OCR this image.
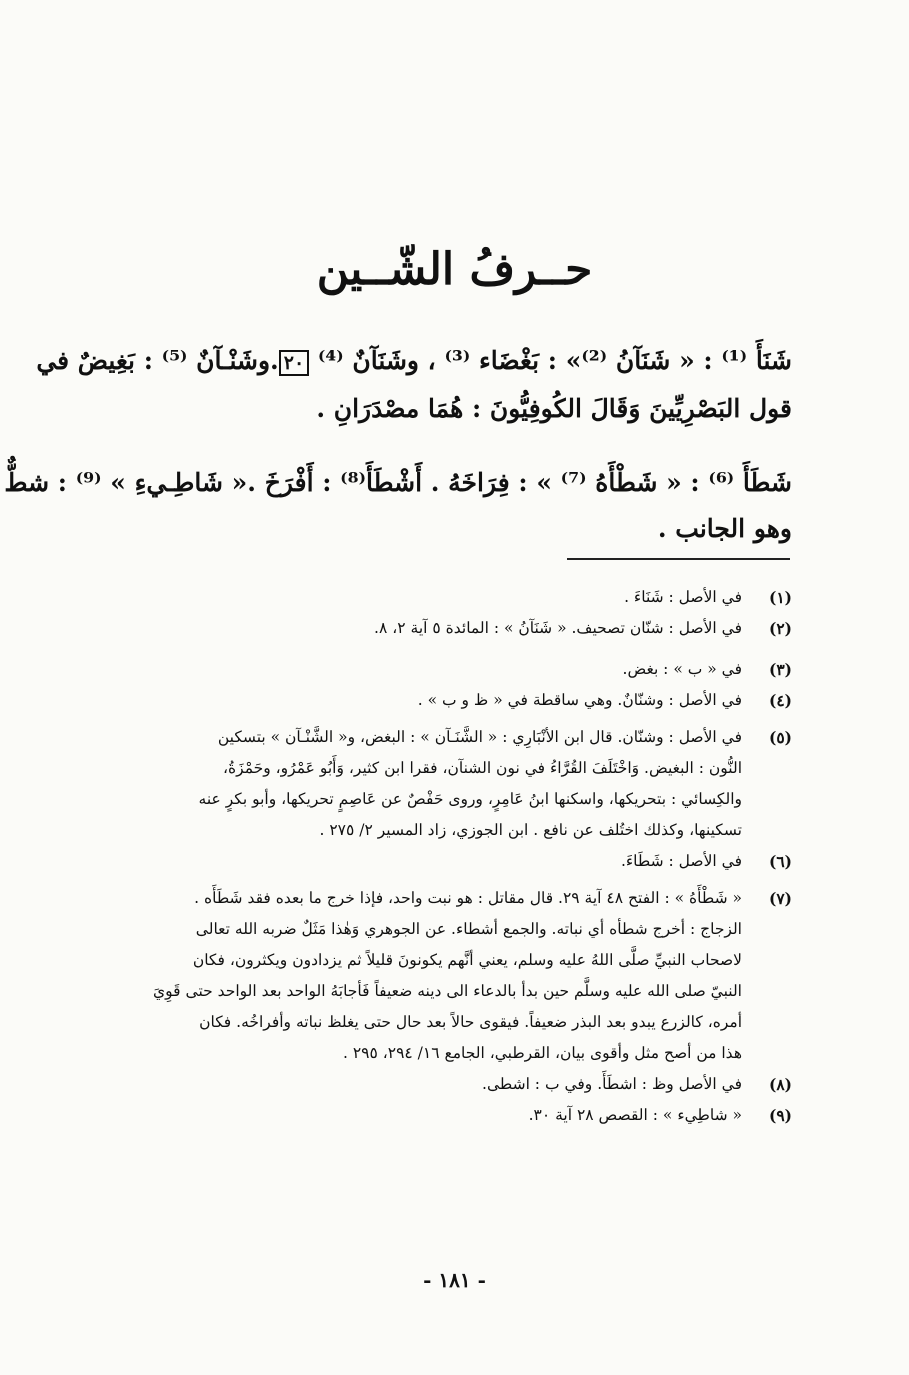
حــرفُ الشّــين
شَنَأَ ⁽¹⁾ : « شَنَآنُ ⁽²⁾» : بَغْضَاء ⁽³⁾ ، وشَنَآنٌ ⁽⁴⁾ ٢٠.وشَنْـآنٌ ⁽⁵⁾ : بَغِيضٌ في
قول البَصْرِيِّينَ وَقَالَ الكُوفِيُّونَ : هُمَا مصْدَرَانِ .
شَطَأَ ⁽⁶⁾ : « شَطْأَهُ ⁽⁷⁾ » : فِرَاخَهُ . أَشْطَأَ⁽⁸⁾ : أَفْرَخَ .« شَاطِـيءِ » ⁽⁹⁾ : شطٌّ
وهو الجانب .
(١)
في الأصل : شَنَاءَ .
(٢)
في الأصل : شنّان تصحيف. « شَنَآنُ » : المائدة ٥ آية ٢، ٨.
(٣)
في « ب » : بغض.
(٤)
في الأصل : وشنّانٌ. وهي ساقطة في « ظ و ب » .
(٥)
في الأصل : وشنّان. قال ابن الأنْبَارِي : « الشَّنَـآن » : البغض، و« الشَّنْـآن » بتسكين
النُّون : البغيض. وَاخْتَلَفَ القُرَّاءُ في نون الشنآن، فقرا ابن كثير، وَأَبُو عَمْرُو، وحَمْزَةُ،
والكِسائي : بتحريكها، واسكنها ابنُ عَامِرٍ، وروى حَفْصٌ عن عَاصِمٍ تحريكها، وأبو بكرٍ عنه
تسكينها، وكذلك اختُلف عن نافع . ابن الجوزي، زاد المسير ٢/ ٢٧٥ .
(٦)
في الأصل : شَطَاءَ.
(٧)
« شَطْأَهُ » : الفتح ٤٨ آية ٢٩. قال مقاتل : هو نبت واحد، فإذا خرج ما بعده فقد شَطَأَه .
الزجاج : أخرج شطأه أي نباته. والجمع أشطاء. عن الجوهري وَهٰذا مَثَلٌ ضربه الله تعالى
لاصحاب النبيِّ صلَّى اللهُ عليه وسلم، يعني أنَّهم يكونونَ قليلاً ثم يزدادون ويكثرون، فكان
النبيّ صلى الله عليه وسلَّم حين بدأ بالدعاء الى دينه ضعيفاً فَأجابَهُ الواحد بعد الواحد حتى قَوِيَ
أمره، كالزرع يبدو بعد البذر ضعيفاً. فيقوى حالاً بعد حال حتى يغلظ نباته وأفراخُه. فكان
هذا من أصح مثل وأقوى بيان، القرطبي، الجامع ١٦/ ٢٩٤، ٢٩٥ .
(٨)
في الأصل وظ : اشطَأَ. وفي ب : اشطى.
(٩)
« شاطِيء » : القصص ٢٨ آية ٣٠.
- ١٨١ -
